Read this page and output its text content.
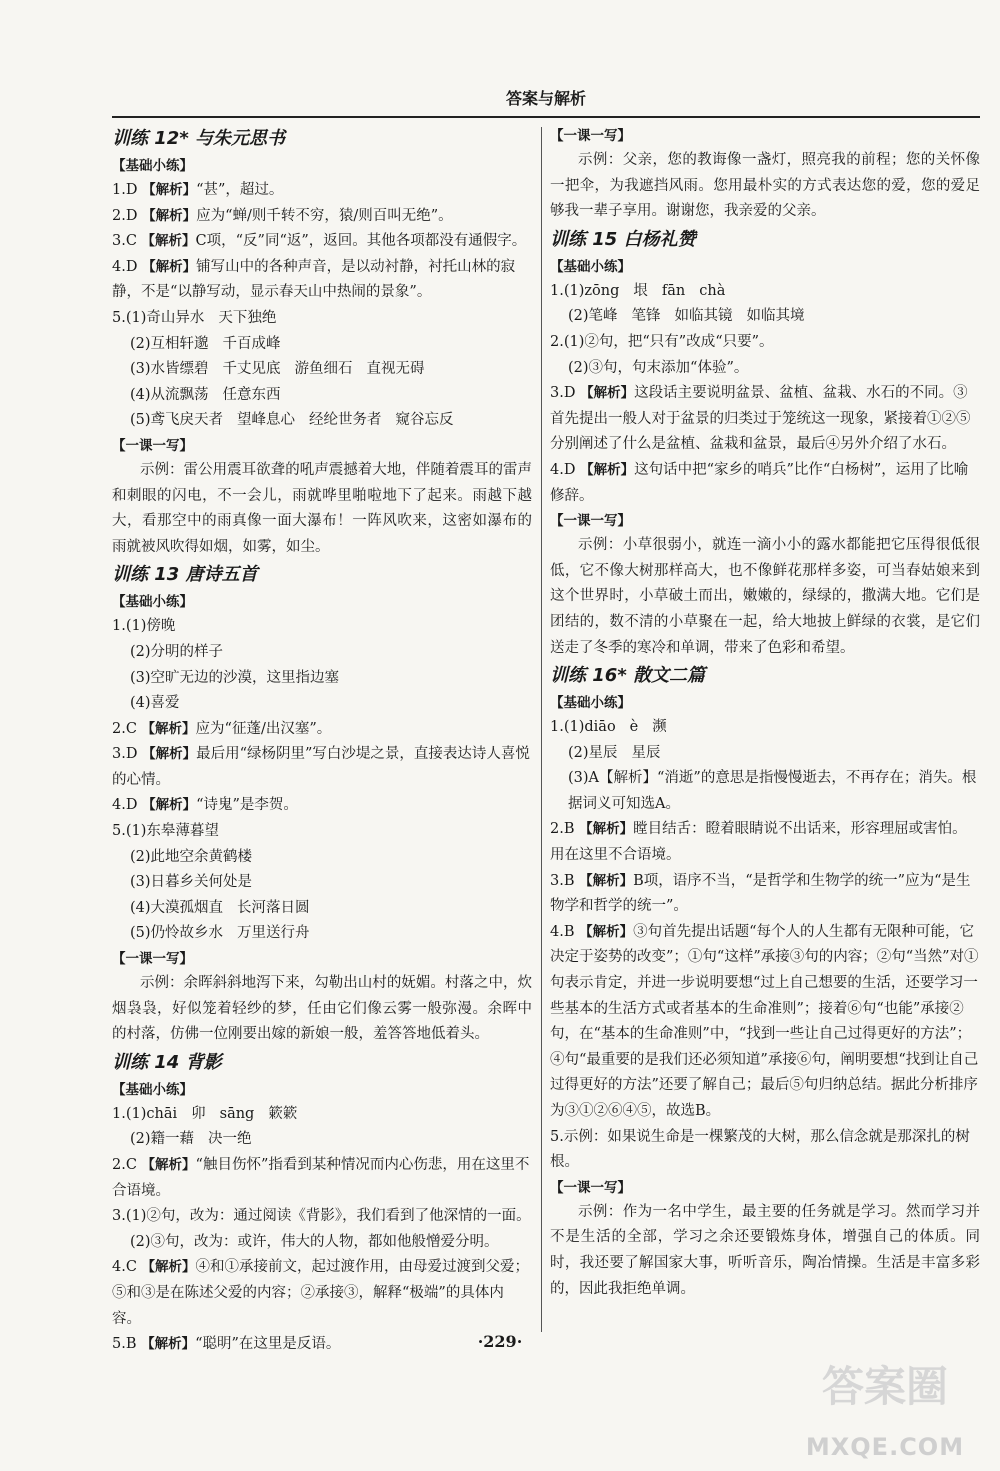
答案与解析
训练 12* 与朱元思书
【基础小练】
1.D 【解析】“甚”，超过。
2.D 【解析】应为“蝉/则千转不穷，猿/则百叫无绝”。
3.C 【解析】C项，“反”同“返”，返回。其他各项都没有通假字。
4.D 【解析】铺写山中的各种声音，是以动衬静，衬托山林的寂静，不是“以静写动，显示春天山中热闹的景象”。
5.(1)奇山异水 天下独绝
(2)互相轩邈 千百成峰
(3)水皆缥碧 千丈见底 游鱼细石 直视无碍
(4)从流飘荡 任意东西
(5)鸢飞戾天者 望峰息心 经纶世务者 窥谷忘反
【一课一写】
示例：雷公用震耳欲聋的吼声震撼着大地，伴随着震耳的雷声和刺眼的闪电，不一会儿，雨就哗里啪啦地下了起来。雨越下越大，看那空中的雨真像一面大瀑布！一阵风吹来，这密如瀑布的雨就被风吹得如烟，如雾，如尘。
训练 13 唐诗五首
【基础小练】
1.(1)傍晚
(2)分明的样子
(3)空旷无边的沙漠，这里指边塞
(4)喜爱
2.C 【解析】应为“征蓬/出汉塞”。
3.D 【解析】最后用“绿杨阴里”写白沙堤之景，直接表达诗人喜悦的心情。
4.D 【解析】“诗鬼”是李贺。
5.(1)东皋薄暮望
(2)此地空余黄鹤楼
(3)日暮乡关何处是
(4)大漠孤烟直 长河落日圆
(5)仍怜故乡水 万里送行舟
【一课一写】
示例：余晖斜斜地泻下来，勾勒出山村的妩媚。村落之中，炊烟袅袅，好似笼着轻纱的梦，任由它们像云雾一般弥漫。余晖中的村落，仿佛一位刚要出嫁的新娘一般，羞答答地低着头。
训练 14 背影
【基础小练】
1.(1)chāi 卯 sāng 簌簌
(2)籍一藉 决一绝
2.C 【解析】“触目伤怀”指看到某种情况而内心伤悲，用在这里不合语境。
3.(1)②句，改为：通过阅读《背影》，我们看到了他深情的一面。
(2)③句，改为：或许，伟大的人物，都如他般憎爱分明。
4.C 【解析】④和①承接前文，起过渡作用，由母爱过渡到父爱；⑤和③是在陈述父爱的内容；②承接③，解释“极端”的具体内容。
5.B 【解析】“聪明”在这里是反语。
【一课一写】
示例：父亲，您的教诲像一盏灯，照亮我的前程；您的关怀像一把伞，为我遮挡风雨。您用最朴实的方式表达您的爱，您的爱足够我一辈子享用。谢谢您，我亲爱的父亲。
训练 15 白杨礼赞
【基础小练】
1.(1)zōng 垠 fān chà
(2)笔峰 笔锋 如临其镜 如临其境
2.(1)②句，把“只有”改成“只要”。
(2)③句，句末添加“体验”。
3.D 【解析】这段话主要说明盆景、盆植、盆栽、水石的不同。③首先提出一般人对于盆景的归类过于笼统这一现象，紧接着①②⑤分别阐述了什么是盆植、盆栽和盆景，最后④另外介绍了水石。
4.D 【解析】这句话中把“家乡的哨兵”比作“白杨树”，运用了比喻修辞。
【一课一写】
示例：小草很弱小，就连一滴小小的露水都能把它压得很低很低，它不像大树那样高大，也不像鲜花那样多姿，可当春姑娘来到这个世界时，小草破土而出，嫩嫩的，绿绿的，撒满大地。它们是团结的，数不清的小草聚在一起，给大地披上鲜绿的衣裳，是它们送走了冬季的寒冷和单调，带来了色彩和希望。
训练 16* 散文二篇
【基础小练】
1.(1)diāo è 濒
(2)星辰 星辰
(3)A【解析】“消逝”的意思是指慢慢逝去，不再存在；消失。根据词义可知选A。
2.B 【解析】瞠目结舌：瞪着眼睛说不出话来，形容理屈或害怕。用在这里不合语境。
3.B 【解析】B项，语序不当，“是哲学和生物学的统一”应为“是生物学和哲学的统一”。
4.B 【解析】③句首先提出话题“每个人的人生都有无限种可能，它决定于姿势的改变”；①句“这样”承接③句的内容；②句“当然”对①句表示肯定，并进一步说明要想“过上自己想要的生活，还要学习一些基本的生活方式或者基本的生命准则”；接着⑥句“也能”承接②句，在“基本的生命准则”中，“找到一些让自己过得更好的方法”；④句“最重要的是我们还必须知道”承接⑥句，阐明要想“找到让自己过得更好的方法”还要了解自己；最后⑤句归纳总结。据此分析排序为③①②⑥④⑤，故选B。
5.示例：如果说生命是一棵繁茂的大树，那么信念就是那深扎的树根。
【一课一写】
示例：作为一名中学生，最主要的任务就是学习。然而学习并不是生活的全部，学习之余还要锻炼身体，增强自己的体质。同时，我还要了解国家大事，听听音乐，陶冶情操。生活是丰富多彩的，因此我拒绝单调。
·229·
答案圈
MXQE.COM
